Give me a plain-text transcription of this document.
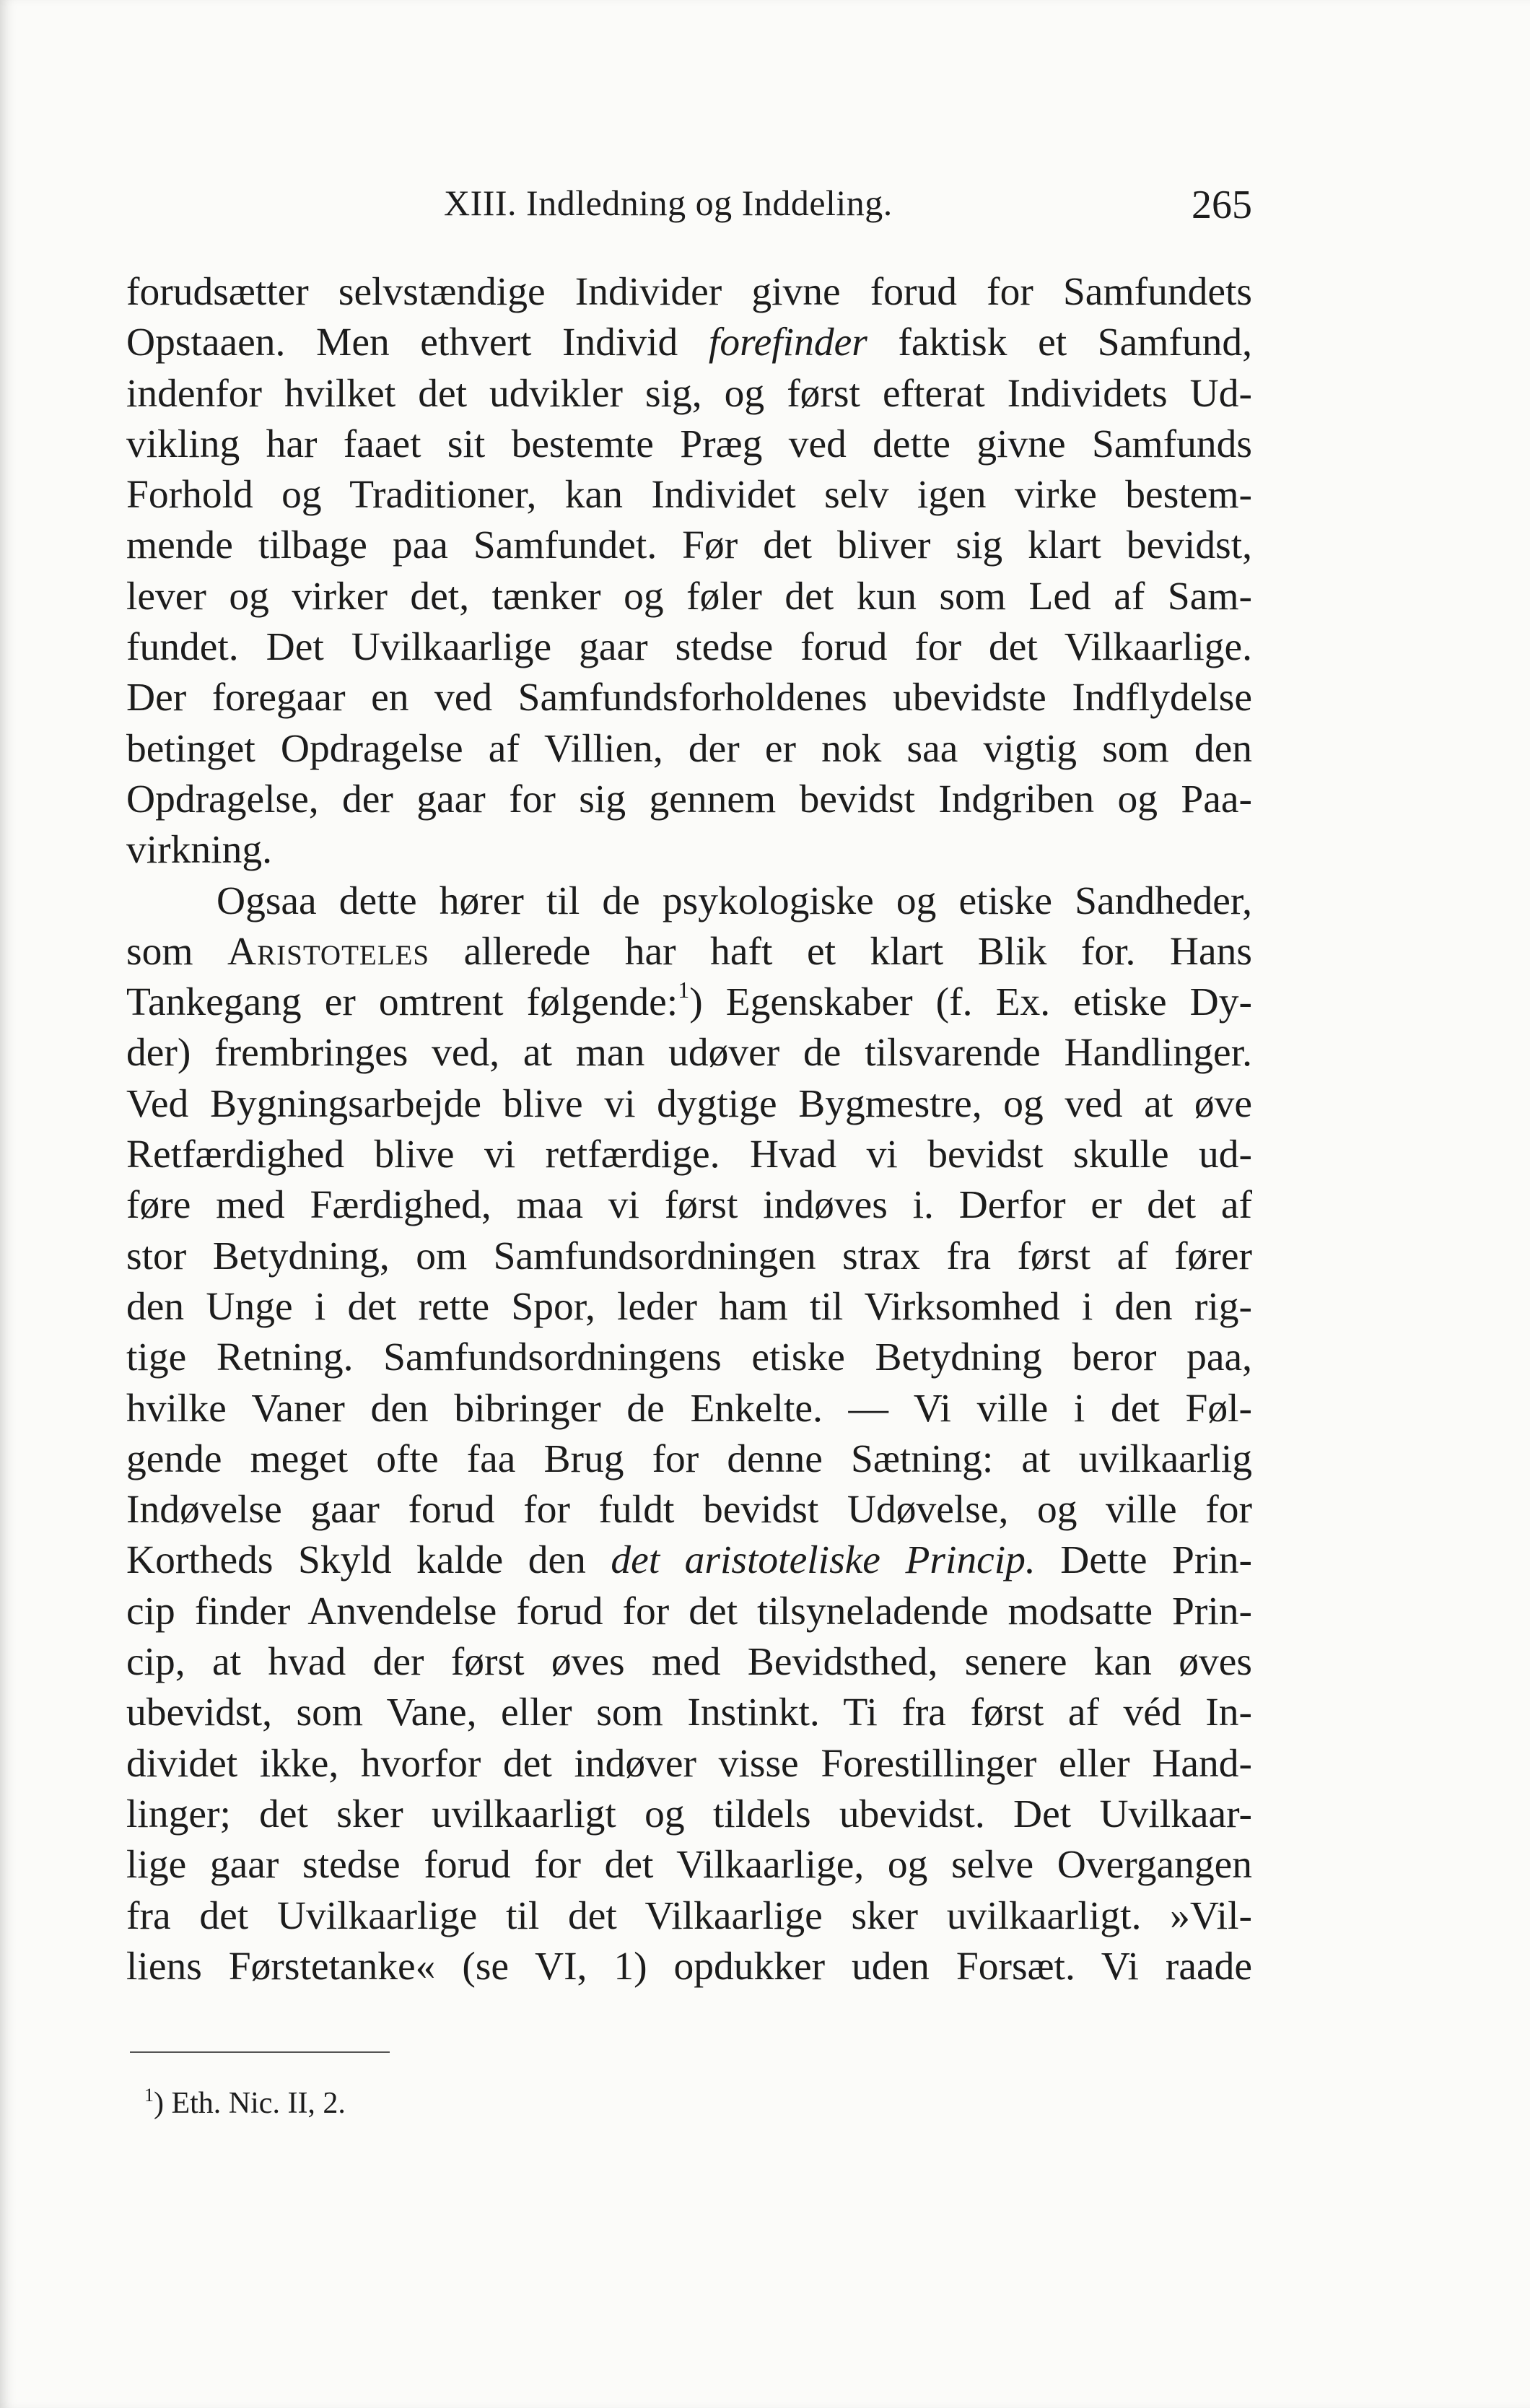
XIII. Indledning og Inddeling.	265
forudsætter selvstændige Individer givne forud for Samfundets
Opstaaen. Men ethvert Individ forefinder faktisk et Samfund,
indenfor hvilket det udvikler sig, og først efterat Individets Ud-
vikling har faaet sit bestemte Præg ved dette givne Samfunds
Forhold og Traditioner, kan Individet selv igen virke bestem-
mende tilbage paa Samfundet. Før det bliver sig klart bevidst,
lever og virker det, tænker og føler det kun som Led af Sam-
fundet. Det Uvilkaarlige gaar stedse forud for det Vilkaarlige.
Der foregaar en ved Samfundsforholdenes ubevidste Indflydelse
betinget Opdragelse af Villien, der er nok saa vigtig som den
Opdragelse, der gaar for sig gennem bevidst Indgriben og Paa-
virkning.
Ogsaa dette hører til de psykologiske og etiske Sandheder,
som Aristoteles allerede har haft et klart Blik for. Hans
Tankegang er omtrent følgende:$^1$) Egenskaber (f. Ex. etiske Dy-
der) frembringes ved, at man udøver de tilsvarende Handlinger.
Ved Bygningsarbejde blive vi dygtige Bygmestre, og ved at øve
Retfærdighed blive vi retfærdige. Hvad vi bevidst skulle ud-
føre med Færdighed, maa vi først indøves i. Derfor er det af
stor Betydning, om Samfundsordningen strax fra først af fører
den Unge i det rette Spor, leder ham til Virksomhed i den rig-
tige Retning. Samfundsordningens etiske Betydning beror paa,
hvilke Vaner den bibringer de Enkelte. — Vi ville i det Føl-
gende meget ofte faa Brug for denne Sætning: at uvilkaarlig
Indøvelse gaar forud for fuldt bevidst Udøvelse, og ville for
Kortheds Skyld kalde den det aristoteliske Princip. Dette Prin-
cip finder Anvendelse forud for det tilsyneladende modsatte Prin-
cip, at hvad der først øves med Bevidsthed, senere kan øves
ubevidst, som Vane, eller som Instinkt. Ti fra først af véd In-
dividet ikke, hvorfor det indøver visse Forestillinger eller Hand-
linger; det sker uvilkaarligt og tildels ubevidst. Det Uvilkaar-
lige gaar stedse forud for det Vilkaarlige, og selve Overgangen
fra det Uvilkaarlige til det Vilkaarlige sker uvilkaarligt. »Vil-
liens Førstetanke« (se VI, 1) opdukker uden Forsæt. Vi raade
$^1$) Eth. Nic. II, 2.
